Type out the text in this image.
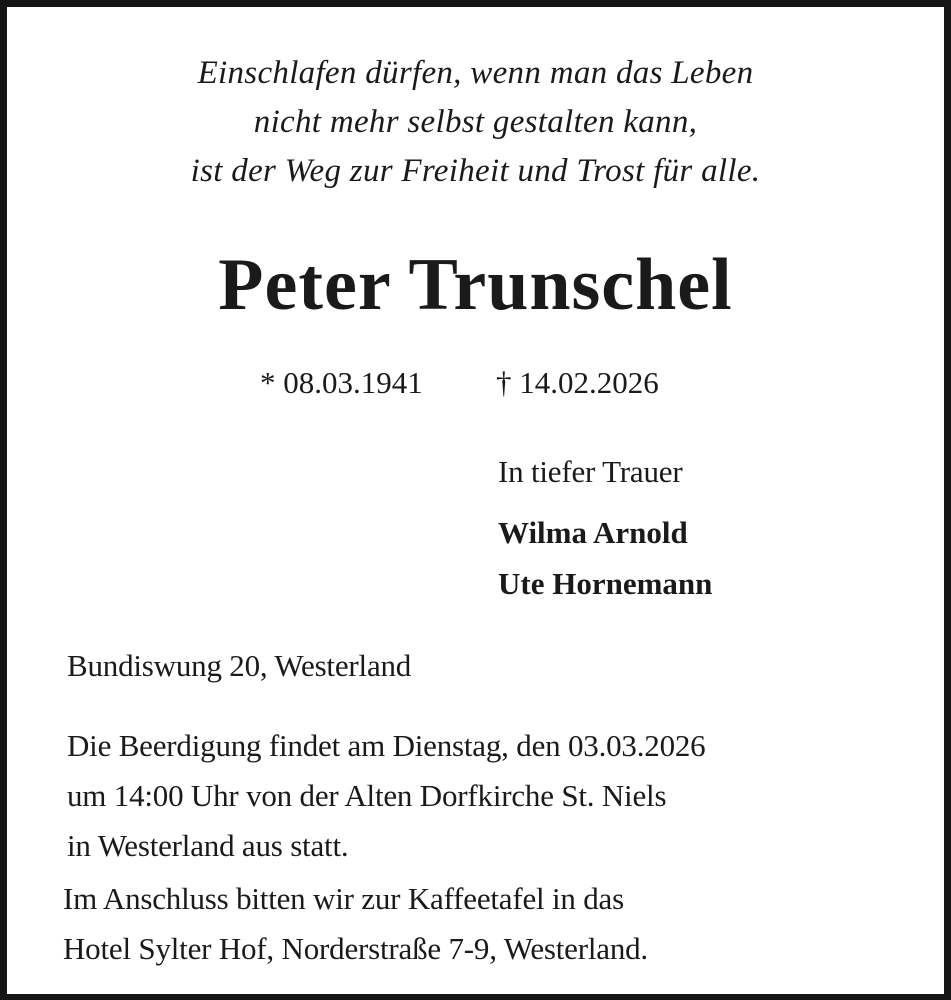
Einschlafen dürfen, wenn man das Leben
nicht mehr selbst gestalten kann,
ist der Weg zur Freiheit und Trost für alle.
Peter Trunschel
* 08.03.1941 † 14.02.2026
In tiefer Trauer
Wilma Arnold
Ute Hornemann
Bundiswung 20, Westerland
Die Beerdigung findet am Dienstag, den 03.03.2026
um 14:00 Uhr von der Alten Dorfkirche St. Niels
in Westerland aus statt.
Im Anschluss bitten wir zur Kaffeetafel in das
Hotel Sylter Hof, Norderstraße 7-9, Westerland.
